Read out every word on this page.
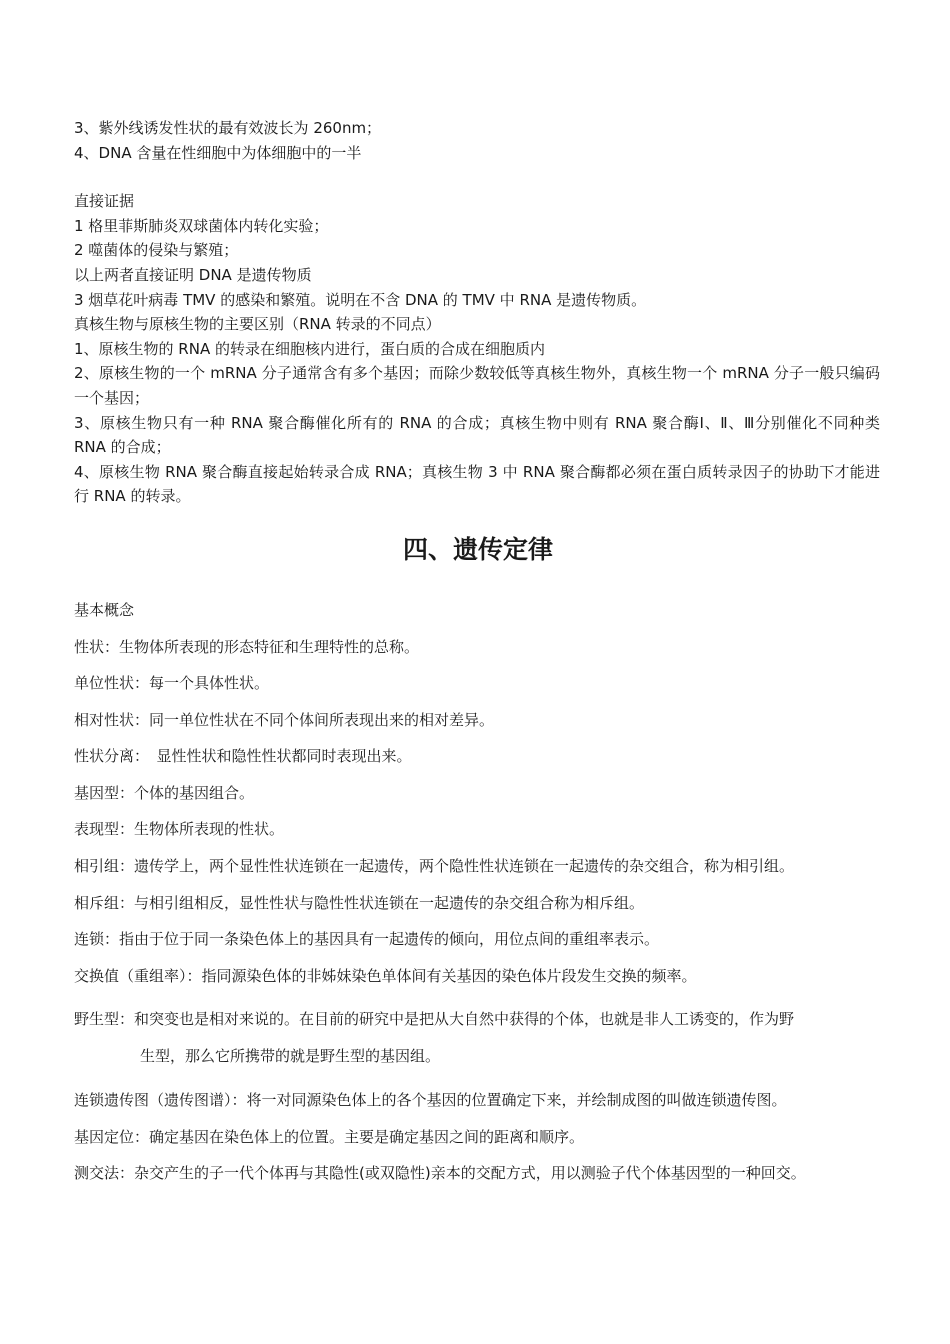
3、紫外线诱发性状的最有效波长为 260nm；

4、DNA 含量在性细胞中为体细胞中的一半

直接证据

1 格里菲斯肺炎双球菌体内转化实验；

2 噬菌体的侵染与繁殖；

以上两者直接证明 DNA 是遗传物质

3 烟草花叶病毒 TMV 的感染和繁殖。说明在不含 DNA 的 TMV 中 RNA 是遗传物质。

真核生物与原核生物的主要区别（RNA 转录的不同点）

1、原核生物的 RNA 的转录在细胞核内进行，蛋白质的合成在细胞质内

2、原核生物的一个 mRNA 分子通常含有多个基因；而除少数较低等真核生物外，真核生物一个 mRNA 分子一般只编码一个基因；

3、原核生物只有一种 RNA 聚合酶催化所有的 RNA 的合成；真核生物中则有 RNA 聚合酶Ⅰ、Ⅱ、Ⅲ分别催化不同种类 RNA 的合成；

4、原核生物 RNA 聚合酶直接起始转录合成 RNA；真核生物 3 中 RNA 聚合酶都必须在蛋白质转录因子的协助下才能进行 RNA 的转录。

四、遗传定律

基本概念

性状：生物体所表现的形态特征和生理特性的总称。

单位性状：每一个具体性状。

相对性状：同一单位性状在不同个体间所表现出来的相对差异。

性状分离：　显性性状和隐性性状都同时表现出来。

基因型：个体的基因组合。

表现型：生物体所表现的性状。

相引组：遗传学上，两个显性性状连锁在一起遗传，两个隐性性状连锁在一起遗传的杂交组合，称为相引组。

相斥组：与相引组相反，显性性状与隐性性状连锁在一起遗传的杂交组合称为相斥组。

连锁：指由于位于同一条染色体上的基因具有一起遗传的倾向，用位点间的重组率表示。

交换值（重组率）：指同源染色体的非姊妹染色单体间有关基因的染色体片段发生交换的频率。

野生型：和突变也是相对来说的。在目前的研究中是把从大自然中获得的个体，也就是非人工诱变的，作为野
生型，那么它所携带的就是野生型的基因组。

连锁遗传图（遗传图谱）：将一对同源染色体上的各个基因的位置确定下来，并绘制成图的叫做连锁遗传图。

基因定位：确定基因在染色体上的位置。主要是确定基因之间的距离和顺序。

测交法：杂交产生的子一代个体再与其隐性(或双隐性)亲本的交配方式，用以测验子代个体基因型的一种回交。
